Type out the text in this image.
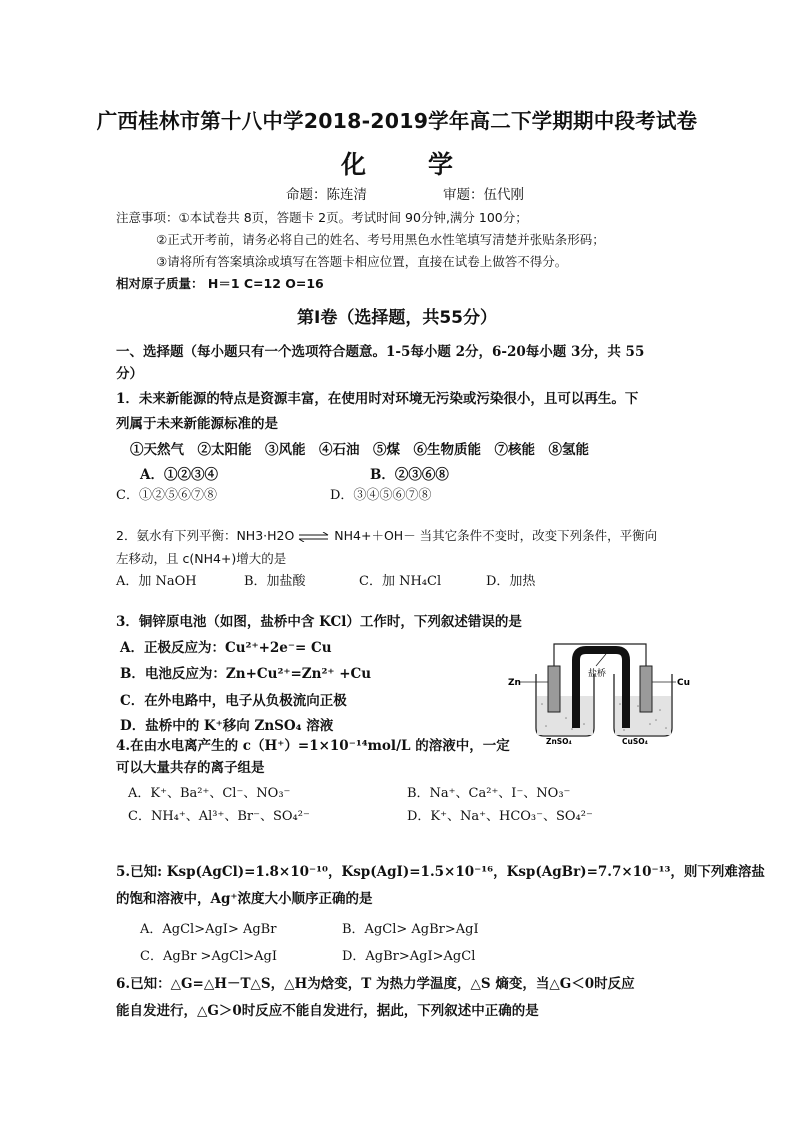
广西桂林市第十八中学2018-2019学年高二下学期期中段考试卷
化 学
命题：陈连清	审题：伍代刚
注意事项：①本试卷共 8页，答题卡 2页。考试时间 90分钟,满分 100分；
②正式开考前，请务必将自己的姓名、考号用黑色水性笔填写清楚并张贴条形码；
③请将所有答案填涂或填写在答题卡相应位置，直接在试卷上做答不得分。
相对原子质量： H＝1 C=12 O=16
第Ⅰ卷（选择题，共55分）
一、选择题（每小题只有一个选项符合题意。1-5每小题 2分，6-20每小题 3分，共 55
分）
1．未来新能源的特点是资源丰富，在使用时对环境无污染或污染很小，且可以再生。下
列属于未来新能源标准的是
①天然气　②太阳能　③风能　④石油　⑤煤　⑥生物质能　⑦核能　⑧氢能
A．①②③④	B．②③⑥⑧
C．①②⑤⑥⑦⑧	D．③④⑤⑥⑦⑧
2．氨水有下列平衡：NH3·H2O ⇌ NH4+＋OH－ 当其它条件不变时，改变下列条件，平衡向
左移动，且 c(NH4+)增大的是
A．加 NaOH	B．加盐酸	C．加 NH₄Cl	D．加热
3．铜锌原电池（如图，盐桥中含 KCl）工作时，下列叙述错误的是
A．正极反应为：Cu²⁺+2e⁻= Cu
B．电池反应为：Zn+Cu²⁺=Zn²⁺ +Cu
C．在外电路中，电子从负极流向正极
D．盐桥中的 K⁺移向 ZnSO₄ 溶液
Zn	Cu
盐桥
ZnSO₄	CuSO₄
4.在由水电离产生的 c（H⁺）=1×10⁻¹⁴mol/L 的溶液中，一定
可以大量共存的离子组是
A．K⁺、Ba²⁺、Cl⁻、NO₃⁻	B．Na⁺、Ca²⁺、I⁻、NO₃⁻
C．NH₄⁺、Al³⁺、Br⁻、SO₄²⁻	D．K⁺、Na⁺、HCO₃⁻、SO₄²⁻
5.已知: Ksp(AgCl)=1.8×10⁻¹⁰，Ksp(AgI)=1.5×10⁻¹⁶，Ksp(AgBr)=7.7×10⁻¹³，则下列难溶盐
的饱和溶液中，Ag⁺浓度大小顺序正确的是
A．AgCl>AgI> AgBr	B．AgCl> AgBr>AgI
C．AgBr >AgCl>AgI	D．AgBr>AgI>AgCl
6.已知：△G=△H－T△S，△H为焓变，T 为热力学温度，△S 熵变，当△G＜0时反应
能自发进行，△G＞0时反应不能自发进行，据此，下列叙述中正确的是
